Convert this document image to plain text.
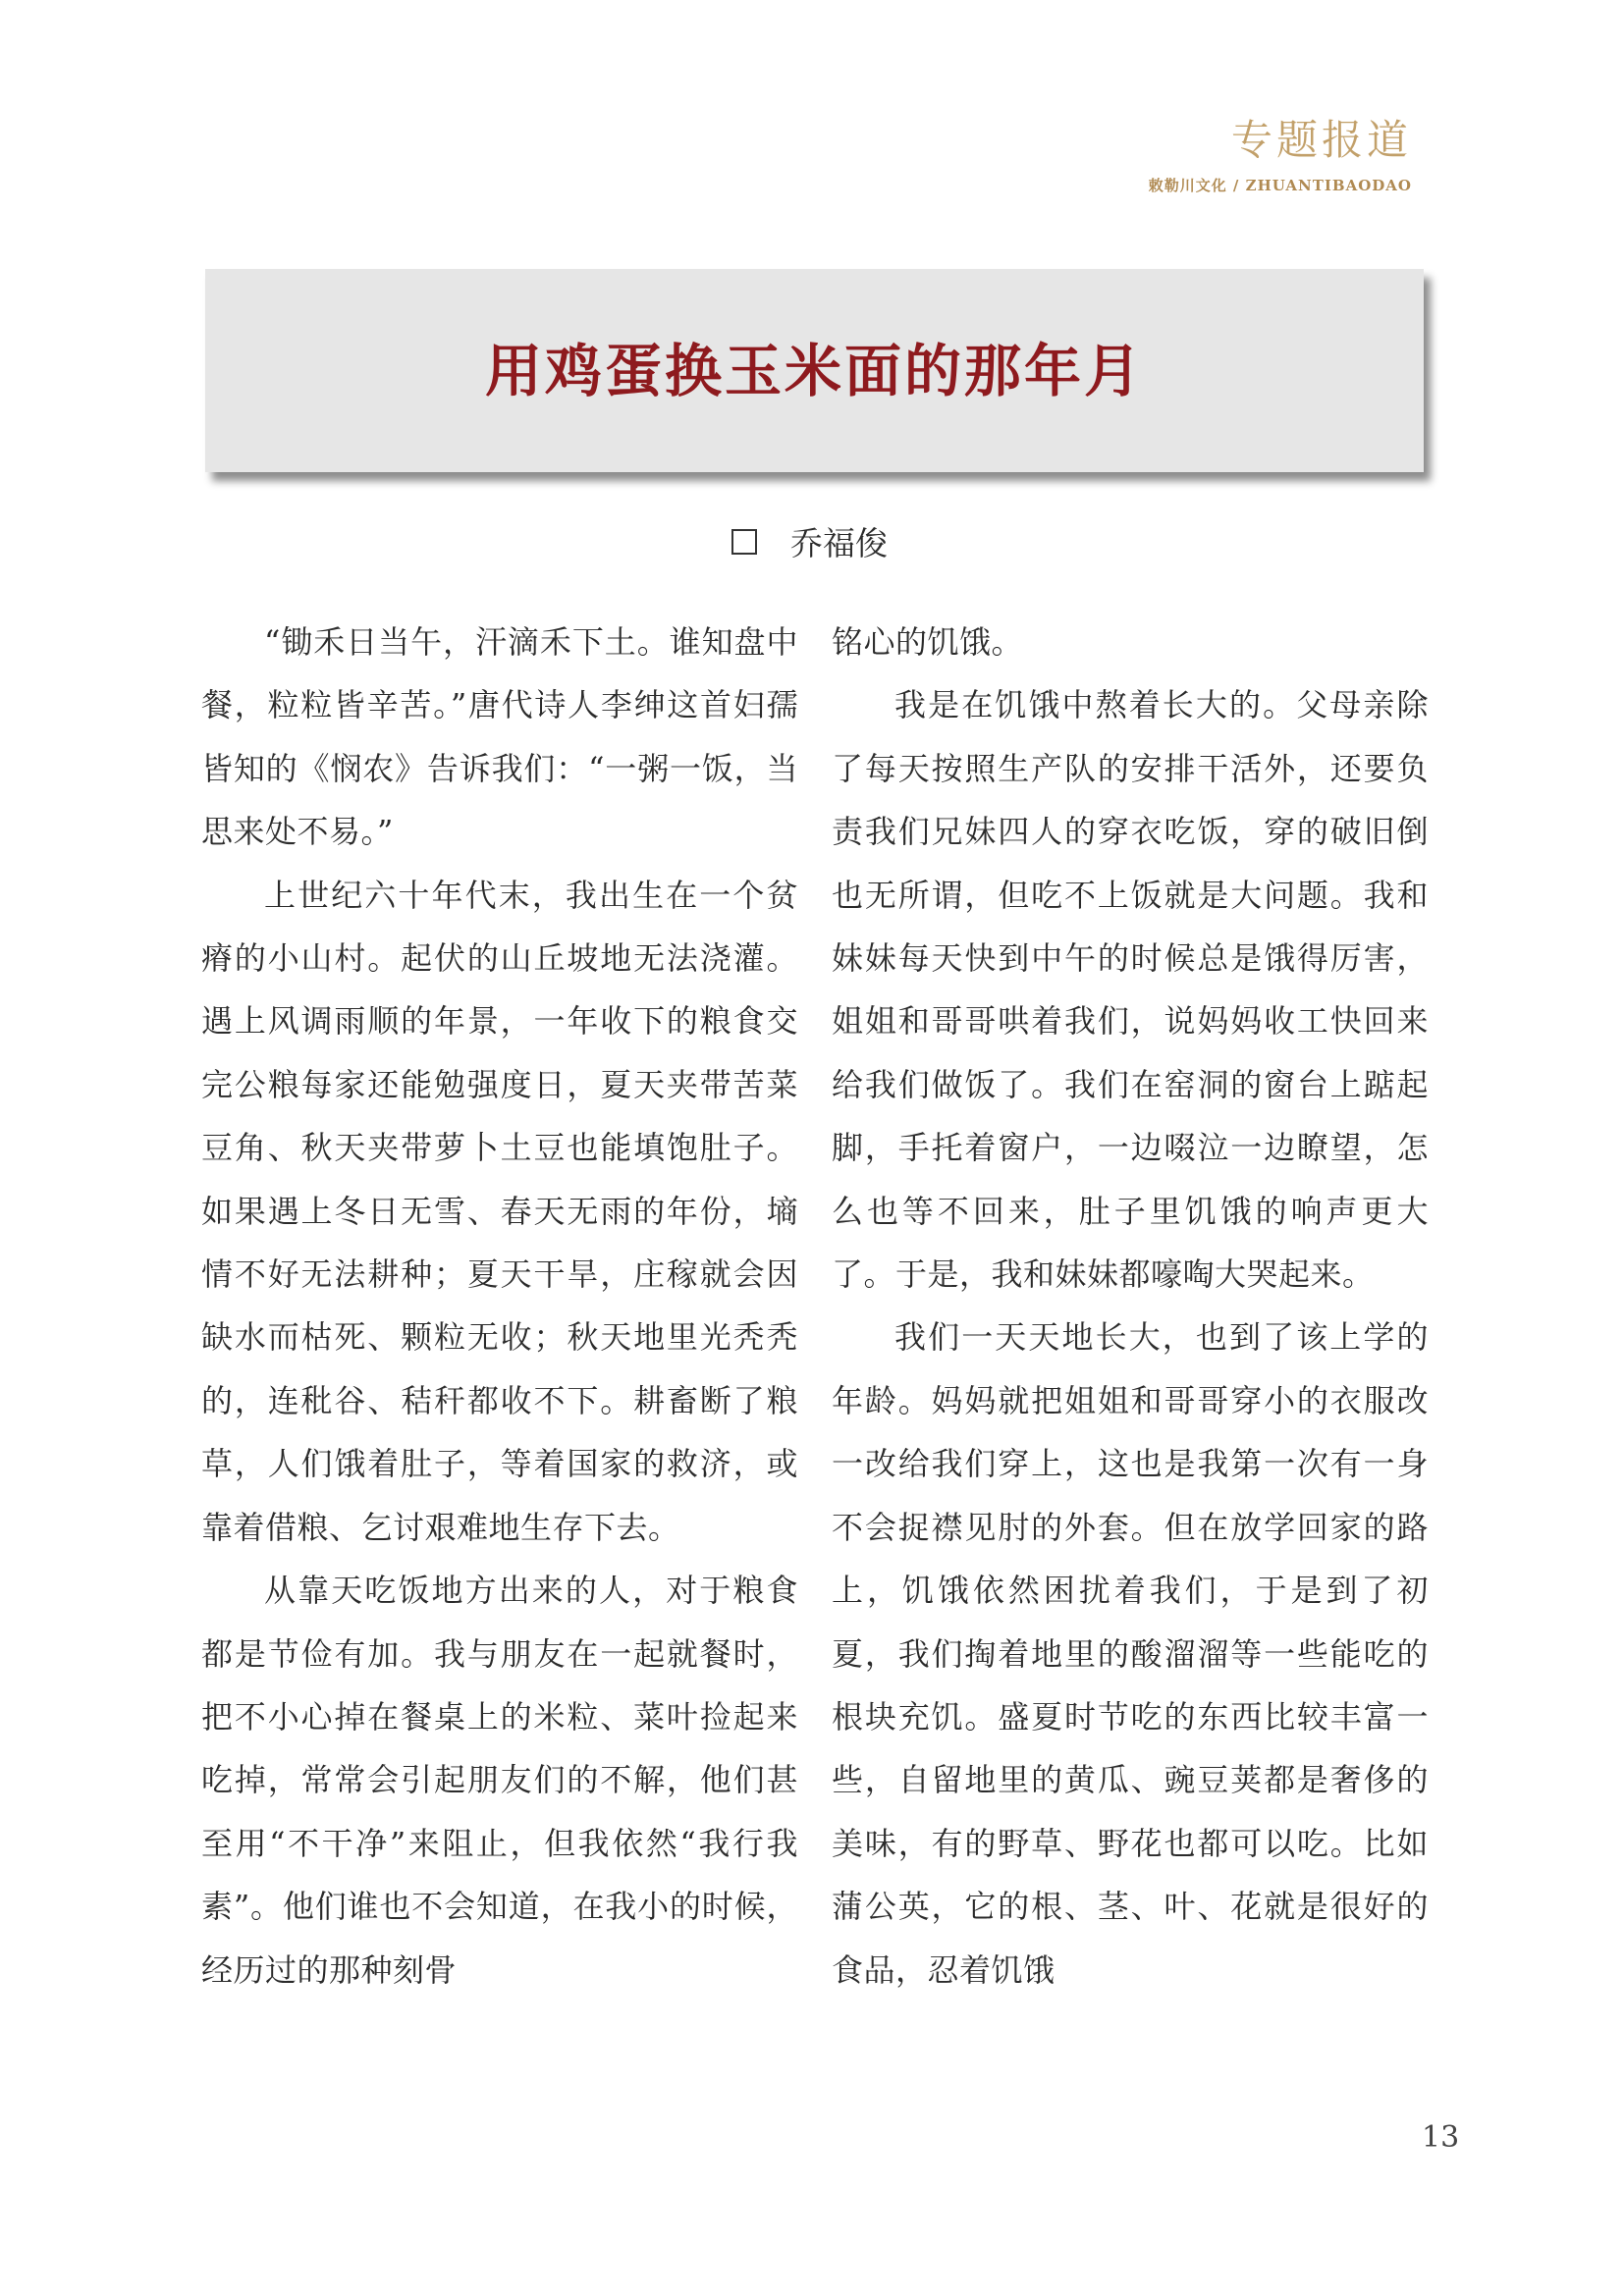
专题报道
敕勒川文化 / ZHUANTIBAODAO
用鸡蛋换玉米面的那年月
乔福俊

“锄禾日当午，汗滴禾下土。谁知盘中餐，粒粒皆辛苦。”唐代诗人李绅这首妇孺皆知的《悯农》告诉我们：“一粥一饭，当思来处不易。”

上世纪六十年代末，我出生在一个贫瘠的小山村。起伏的山丘坡地无法浇灌。遇上风调雨顺的年景，一年收下的粮食交完公粮每家还能勉强度日，夏天夹带苦菜豆角、秋天夹带萝卜土豆也能填饱肚子。如果遇上冬日无雪、春天无雨的年份，墒情不好无法耕种；夏天干旱，庄稼就会因缺水而枯死、颗粒无收；秋天地里光秃秃的，连秕谷、秸秆都收不下。耕畜断了粮草，人们饿着肚子，等着国家的救济，或靠着借粮、乞讨艰难地生存下去。

从靠天吃饭地方出来的人，对于粮食都是节俭有加。我与朋友在一起就餐时，把不小心掉在餐桌上的米粒、菜叶捡起来吃掉，常常会引起朋友们的不解，他们甚至用“不干净”来阻止，但我依然“我行我素”。他们谁也不会知道，在我小的时候，经历过的那种刻骨

铭心的饥饿。

我是在饥饿中熬着长大的。父母亲除了每天按照生产队的安排干活外，还要负责我们兄妹四人的穿衣吃饭，穿的破旧倒也无所谓，但吃不上饭就是大问题。我和妹妹每天快到中午的时候总是饿得厉害，姐姐和哥哥哄着我们，说妈妈收工快回来给我们做饭了。我们在窑洞的窗台上踮起脚，手托着窗户，一边啜泣一边瞭望，怎么也等不回来，肚子里饥饿的响声更大了。于是，我和妹妹都嚎啕大哭起来。

我们一天天地长大，也到了该上学的年龄。妈妈就把姐姐和哥哥穿小的衣服改一改给我们穿上，这也是我第一次有一身不会捉襟见肘的外套。但在放学回家的路上，饥饿依然困扰着我们，于是到了初夏，我们掏着地里的酸溜溜等一些能吃的根块充饥。盛夏时节吃的东西比较丰富一些，自留地里的黄瓜、豌豆荚都是奢侈的美味，有的野草、野花也都可以吃。比如蒲公英，它的根、茎、叶、花就是很好的食品，忍着饥饿

13
